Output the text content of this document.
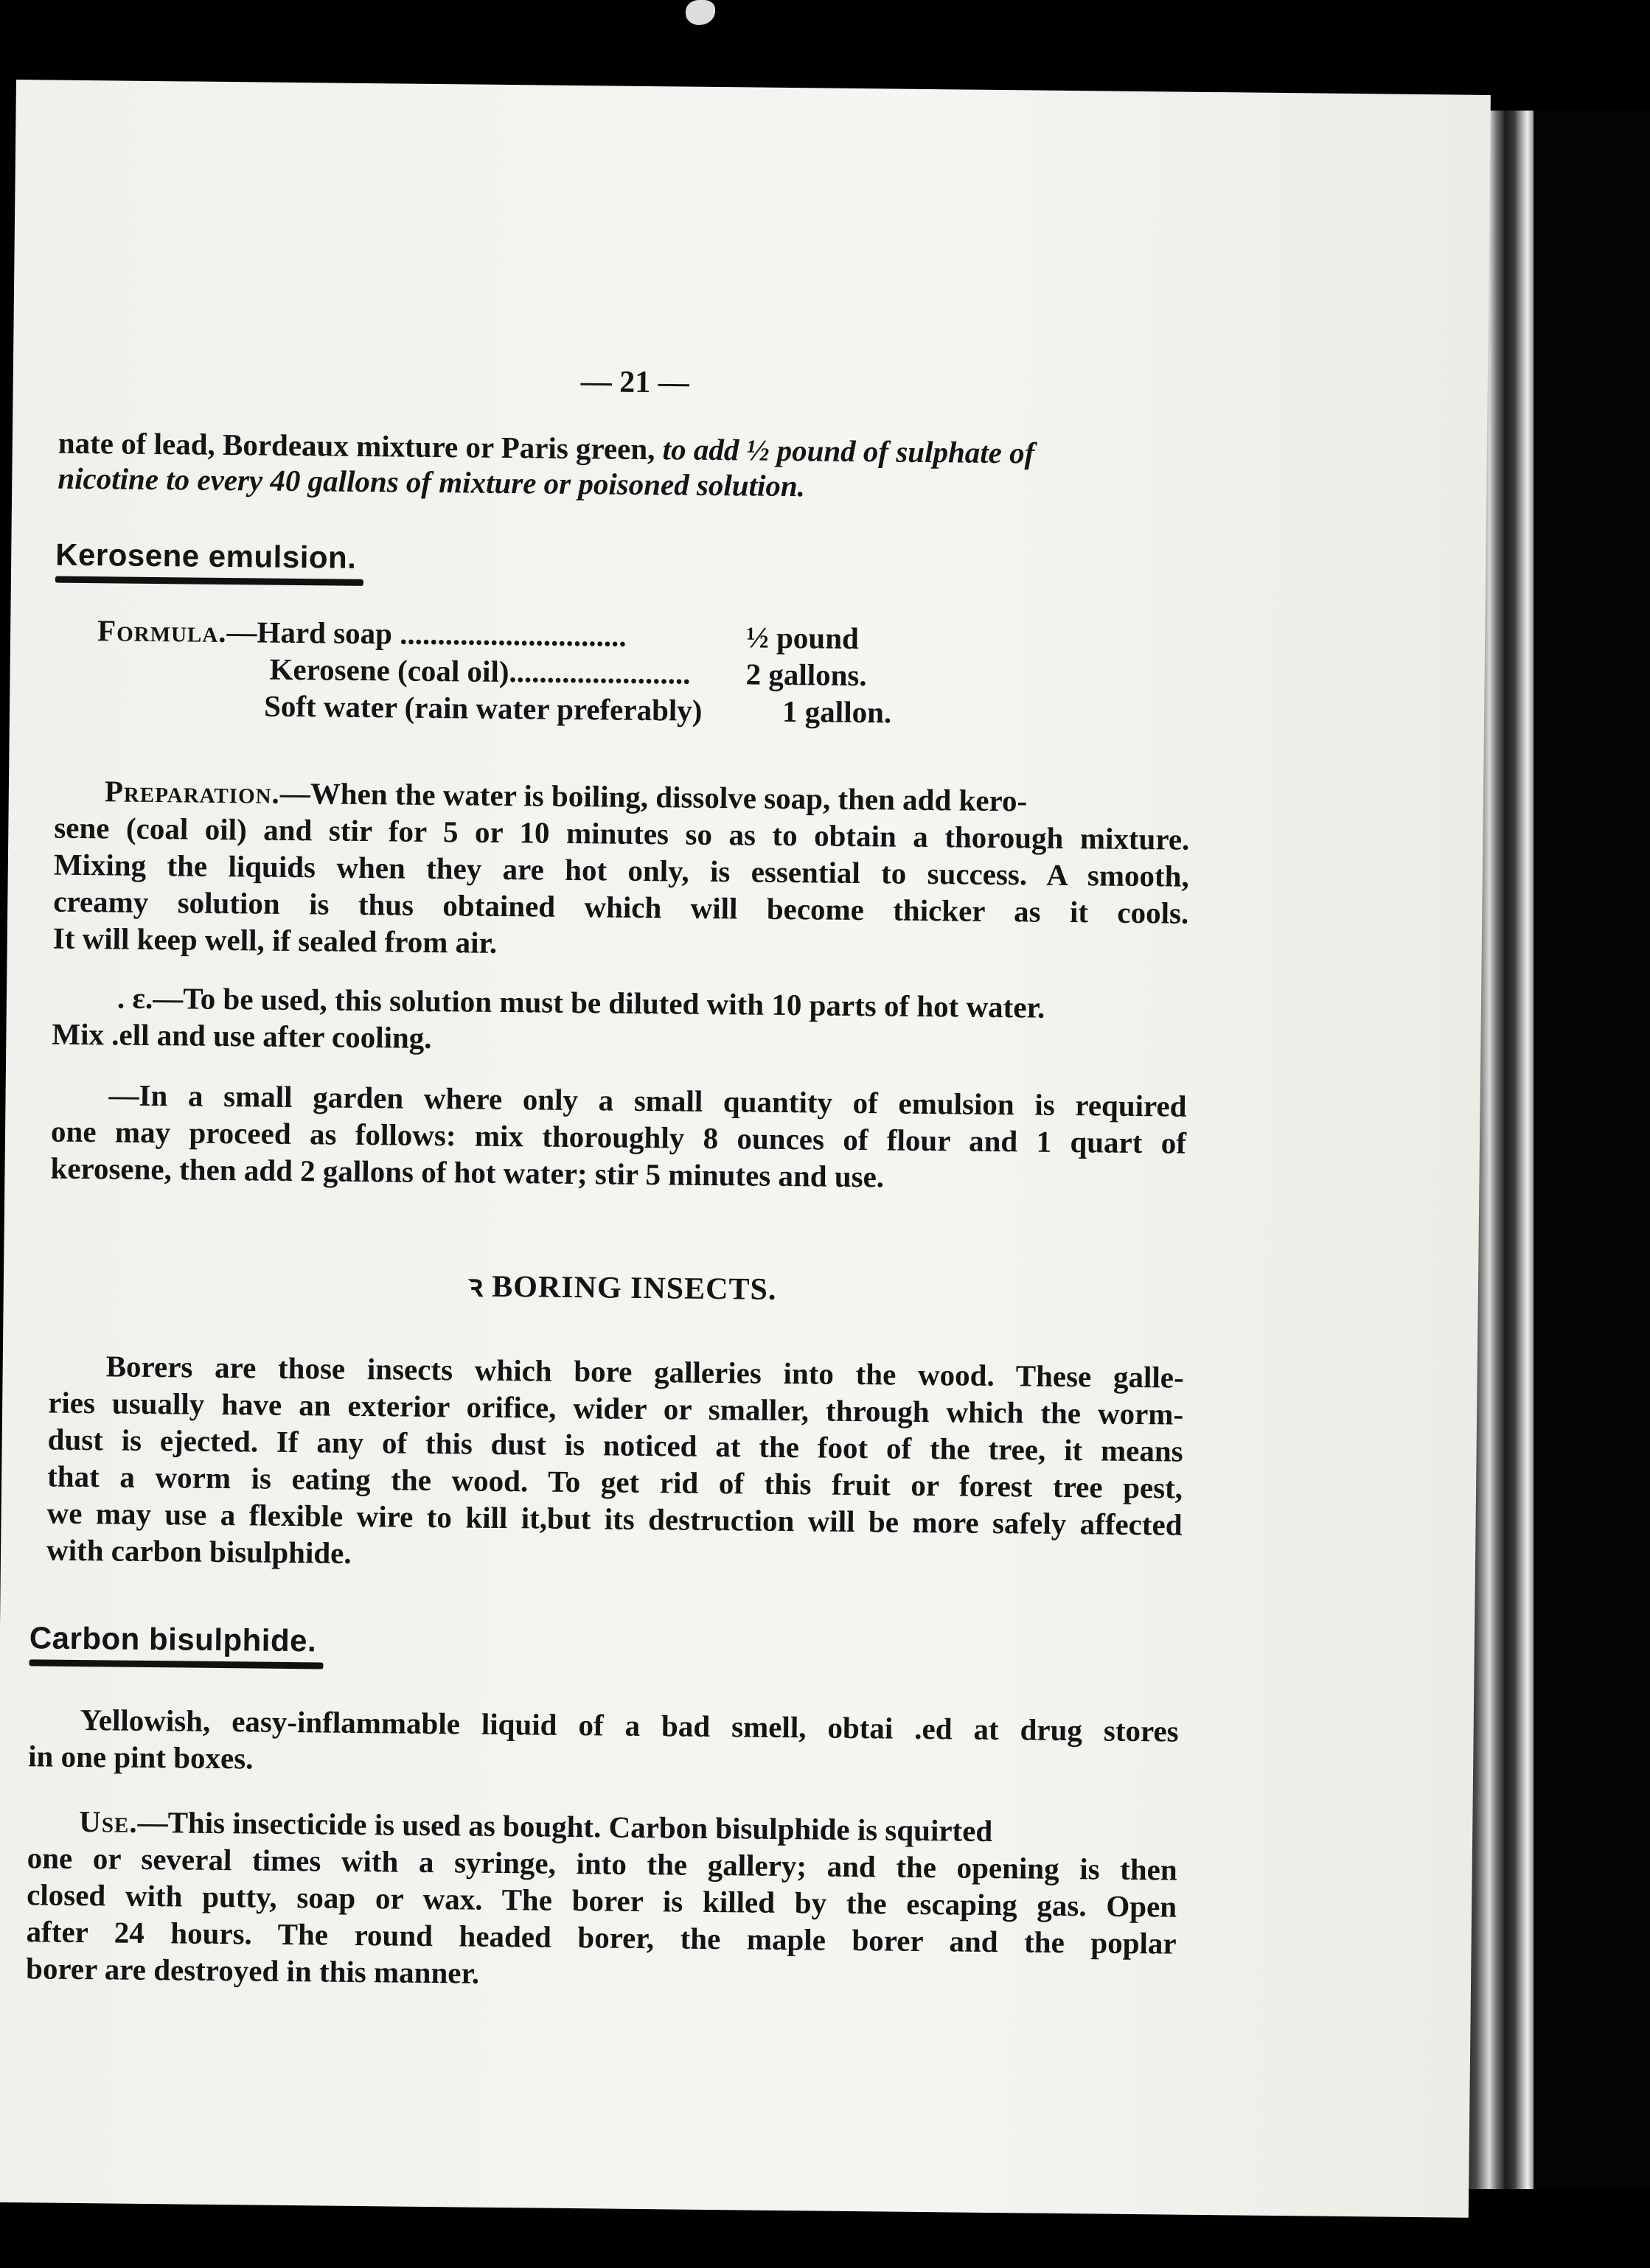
— 21 —
nate of lead, Bordeaux mixture or Paris green, to add ½ pound of sulphate of
nicotine to every 40 gallons of mixture or poisoned solution.
Kerosene emulsion.
Formula.—Hard soap ..............................	½ pound
Kerosene (coal oil)........................ 2 gallons.
Soft water (rain water preferably)	1 gallon.
Preparation.—When the water is boiling, dissolve soap, then add kero-
sene (coal oil) and stir for 5 or 10 minutes so as to obtain a thorough mixture.
Mixing the liquids when they are hot only, is essential to success. A smooth,
creamy solution is thus obtained which will become thicker as it cools.
It will keep well, if sealed from air.
. ε.—To be used, this solution must be diluted with 10 parts of hot water.
Mix .ell and use after cooling.
—In a small garden where only a small quantity of emulsion is required
one may proceed as follows: mix thoroughly 8 ounces of flour and 1 quart of
kerosene, then add 2 gallons of hot water; stir 5 minutes and use.
ꝛ BORING INSECTS.
Borers are those insects which bore galleries into the wood. These galle-
ries usually have an exterior orifice, wider or smaller, through which the worm-
dust is ejected. If any of this dust is noticed at the foot of the tree, it means
that a worm is eating the wood. To get rid of this fruit or forest tree pest,
we may use a flexible wire to kill it,but its destruction will be more safely affected
with carbon bisulphide.
Carbon bisulphide.
Yellowish, easy-inflammable liquid of a bad smell, obtai .ed at drug stores
in one pint boxes.
Use.—This insecticide is used as bought. Carbon bisulphide is squirted
one or several times with a syringe, into the gallery; and the opening is then
closed with putty, soap or wax. The borer is killed by the escaping gas. Open
after 24 hours. The round headed borer, the maple borer and the poplar
borer are destroyed in this manner.
